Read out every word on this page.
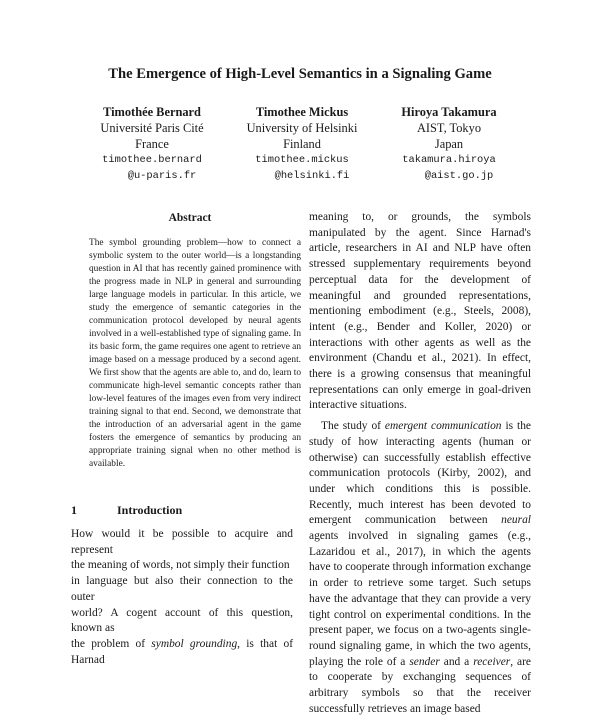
The Emergence of High-Level Semantics in a Signaling Game
Timothée Bernard
Université Paris Cité
France
timothee.bernard
@u-paris.fr
Timothee Mickus
University of Helsinki
Finland
timothee.mickus
@helsinki.fi
Hiroya Takamura
AIST, Tokyo
Japan
takamura.hiroya
@aist.go.jp
Abstract
The symbol grounding problem—how to connect a symbolic system to the outer world—is a longstanding question in AI that has recently gained prominence with the progress made in NLP in general and surrounding large language models in particular. In this article, we study the emergence of semantic categories in the communication protocol developed by neural agents involved in a well-established type of signaling game. In its basic form, the game requires one agent to retrieve an image based on a message produced by a second agent. We first show that the agents are able to, and do, learn to communicate high-level semantic concepts rather than low-level features of the images even from very indirect training signal to that end. Second, we demonstrate that the introduction of an adversarial agent in the game fosters the emergence of semantics by producing an appropriate training signal when no other method is available.
1	Introduction
How would it be possible to acquire and represent
the meaning of words, not simply their function
in language but also their connection to the outer
world? A cogent account of this question, known as
the problem of symbol grounding, is that of Harnad

meaning to, or grounds, the symbols manipulated by the agent. Since Harnad's article, researchers in AI and NLP have often stressed supplementary requirements beyond perceptual data for the development of meaningful and grounded representations, mentioning embodiment (e.g., Steels, 2008), intent (e.g., Bender and Koller, 2020) or interactions with other agents as well as the environment (Chandu et al., 2021). In effect, there is a growing consensus that meaningful representations can only emerge in goal-driven interactive situations.

The study of emergent communication is the study of how interacting agents (human or otherwise) can successfully establish effective communication protocols (Kirby, 2002), and under which conditions this is possible. Recently, much interest has been devoted to emergent communication between neural agents involved in signaling games (e.g., Lazaridou et al., 2017), in which the agents have to cooperate through information exchange in order to retrieve some target. Such setups have the advantage that they can provide a very tight control on experimental conditions. In the present paper, we focus on a two-agents single-round signaling game, in which the two agents, playing the role of a sender and a receiver, are to cooperate by exchanging sequences of arbitrary symbols so that the receiver successfully retrieves an image based
